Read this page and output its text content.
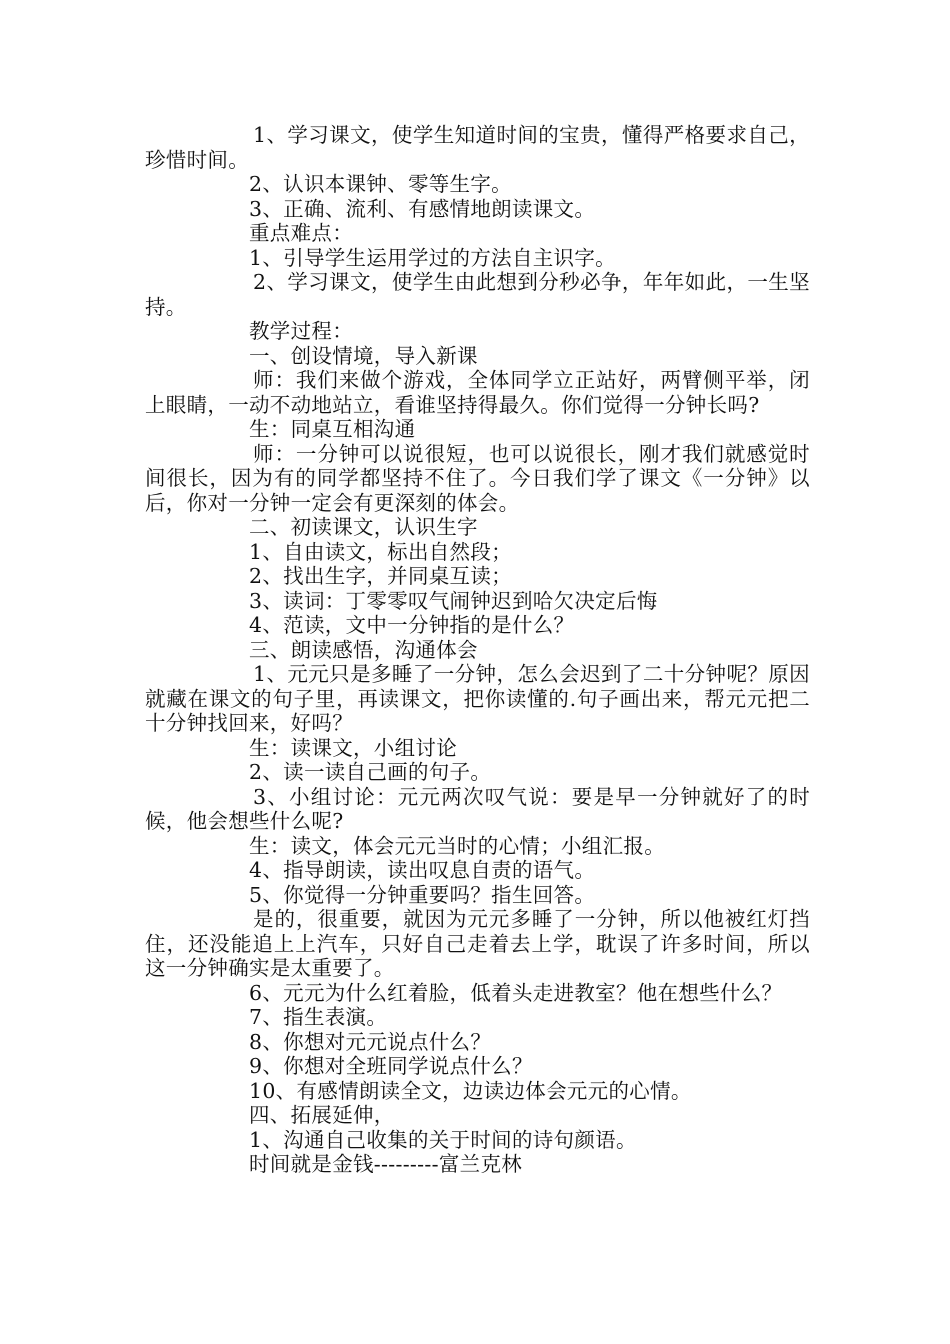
1、学习课文，使学生知道时间的宝贵，懂得严格要求自己，珍惜时间。

2、认识本课钟、零等生字。

3、正确、流利、有感情地朗读课文。

重点难点：

1、引导学生运用学过的方法自主识字。

2、学习课文，使学生由此想到分秒必争，年年如此，一生坚持。

教学过程：

一、创设情境，导入新课

师：我们来做个游戏，全体同学立正站好，两臂侧平举，闭上眼睛，一动不动地站立，看谁坚持得最久。你们觉得一分钟长吗?

生：同桌互相沟通

师：一分钟可以说很短，也可以说很长，刚才我们就感觉时间很长，因为有的同学都坚持不住了。今日我们学了课文《一分钟》以后，你对一分钟一定会有更深刻的体会。

二、初读课文，认识生字

1、自由读文，标出自然段；

2、找出生字，并同桌互读；

3、读词：丁零零叹气闹钟迟到哈欠决定后悔

4、范读，文中一分钟指的是什么？

三、朗读感悟，沟通体会

1、元元只是多睡了一分钟，怎么会迟到了二十分钟呢？原因就藏在课文的句子里，再读课文，把你读懂的.句子画出来，帮元元把二十分钟找回来，好吗？

生：读课文，小组讨论

2、读一读自己画的句子。

3、小组讨论：元元两次叹气说：要是早一分钟就好了的时候，他会想些什么呢?

生：读文，体会元元当时的心情；小组汇报。

4、指导朗读，读出叹息自责的语气。

5、你觉得一分钟重要吗？指生回答。

是的，很重要，就因为元元多睡了一分钟，所以他被红灯挡住，还没能追上上汽车，只好自己走着去上学，耽误了许多时间，所以这一分钟确实是太重要了。

6、元元为什么红着脸，低着头走进教室？他在想些什么？

7、指生表演。

8、你想对元元说点什么？

9、你想对全班同学说点什么？

10、有感情朗读全文，边读边体会元元的心情。

四、拓展延伸，

1、沟通自己收集的关于时间的诗句颜语。

时间就是金钱---------富兰克林
